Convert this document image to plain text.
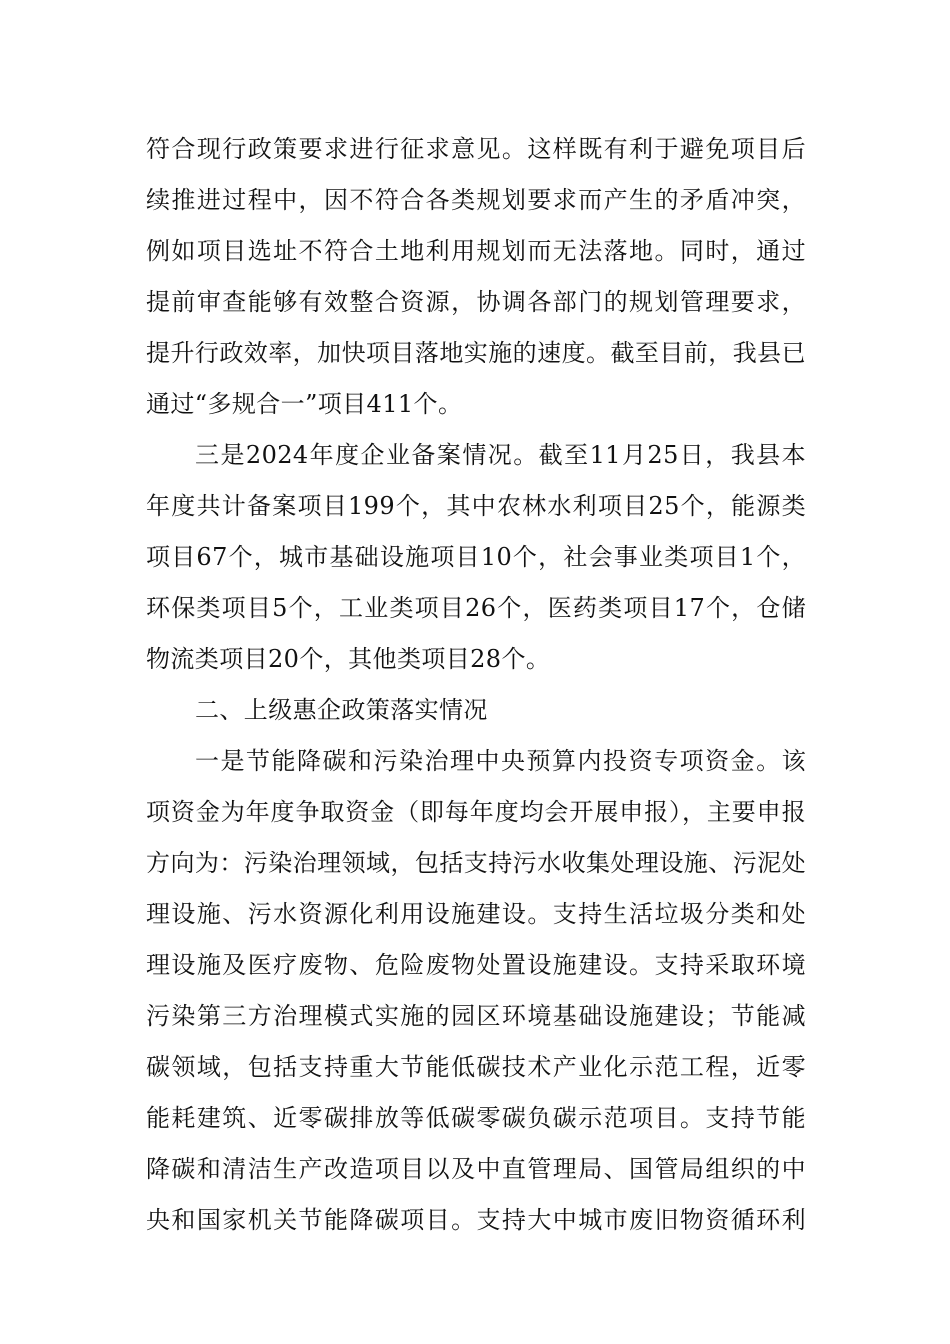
符合现行政策要求进行征求意见。这样既有利于避免项目后
续推进过程中，因不符合各类规划要求而产生的矛盾冲突，
例如项目选址不符合土地利用规划而无法落地。同时，通过
提前审查能够有效整合资源，协调各部门的规划管理要求，
提升行政效率，加快项目落地实施的速度。截至目前，我县已
通过“多规合一”项目411个。
三是2024年度企业备案情况。截至11月25日，我县本
年度共计备案项目199个，其中农林水利项目25个，能源类
项目67个，城市基础设施项目10个，社会事业类项目1个，
环保类项目5个，工业类项目26个，医药类项目17个，仓储
物流类项目20个，其他类项目28个。
二、上级惠企政策落实情况
一是节能降碳和污染治理中央预算内投资专项资金。该
项资金为年度争取资金（即每年度均会开展申报），主要申报
方向为：污染治理领域，包括支持污水收集处理设施、污泥处
理设施、污水资源化利用设施建设。支持生活垃圾分类和处
理设施及医疗废物、危险废物处置设施建设。支持采取环境
污染第三方治理模式实施的园区环境基础设施建设；节能减
碳领域，包括支持重大节能低碳技术产业化示范工程，近零
能耗建筑、近零碳排放等低碳零碳负碳示范项目。支持节能
降碳和清洁生产改造项目以及中直管理局、国管局组织的中
央和国家机关节能降碳项目。支持大中城市废旧物资循环利
